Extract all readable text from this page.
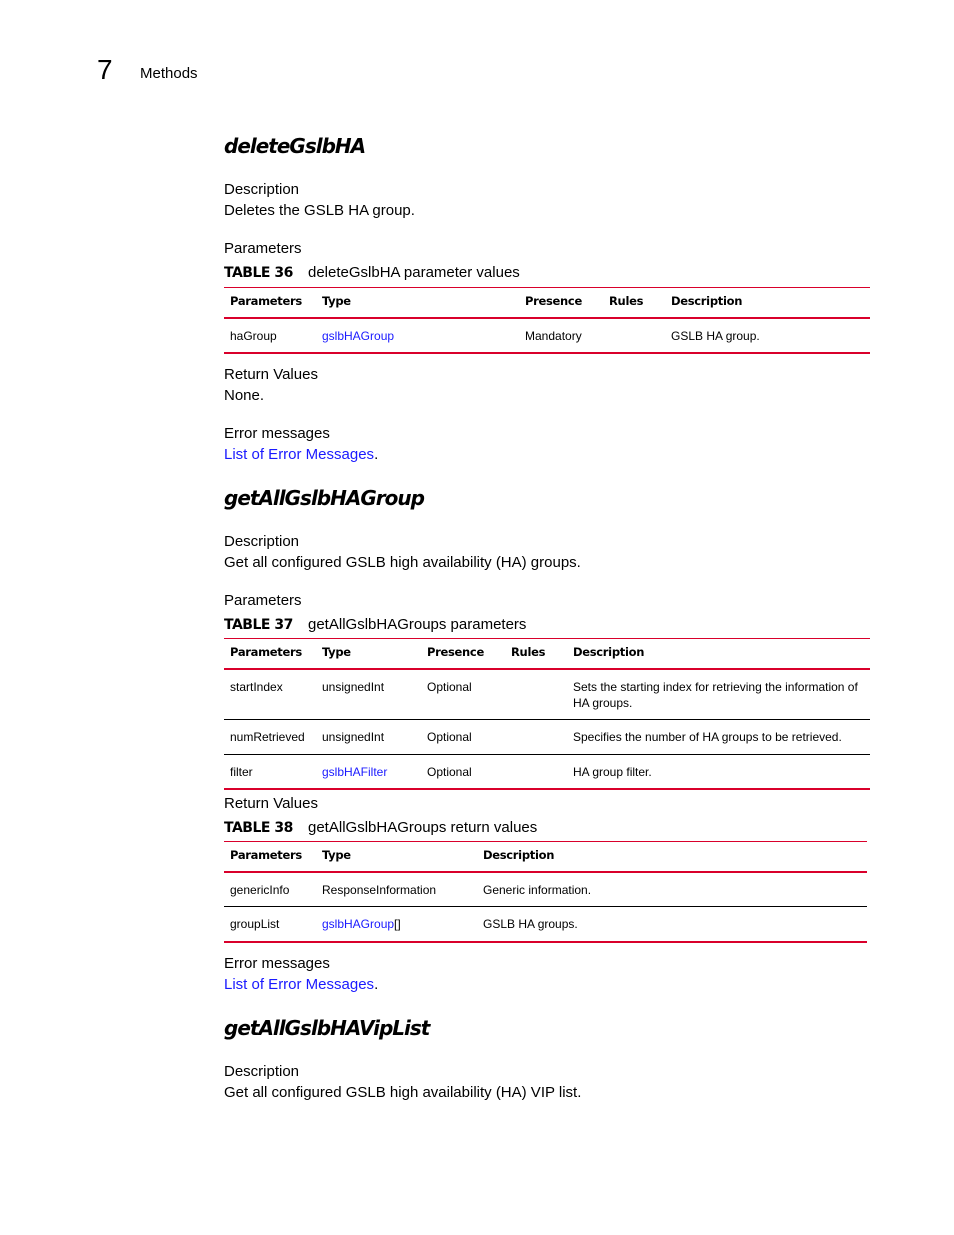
7 Methods
deleteGslbHA
Description
Deletes the GSLB HA group.
Parameters
TABLE 36 deleteGslbHA parameter values
Parameters	Type	Presence	Rules	Description
haGroup	gslbHAGroup	Mandatory		GSLB HA group.
Return Values
None.
Error messages
List of Error Messages.
getAllGslbHAGroup
Description
Get all configured GSLB high availability (HA) groups.
Parameters
TABLE 37 getAllGslbHAGroups parameters
Parameters	Type	Presence	Rules	Description
startIndex	unsignedInt	Optional		Sets the starting index for retrieving the information of HA groups.
numRetrieved	unsignedInt	Optional		Specifies the number of HA groups to be retrieved.
filter	gslbHAFilter	Optional		HA group filter.
Return Values
TABLE 38 getAllGslbHAGroups return values
Parameters	Type	Description
genericInfo	ResponseInformation	Generic information.
groupList	gslbHAGroup[]	GSLB HA groups.
Error messages
List of Error Messages.
getAllGslbHAVipList
Description
Get all configured GSLB high availability (HA) VIP list.
